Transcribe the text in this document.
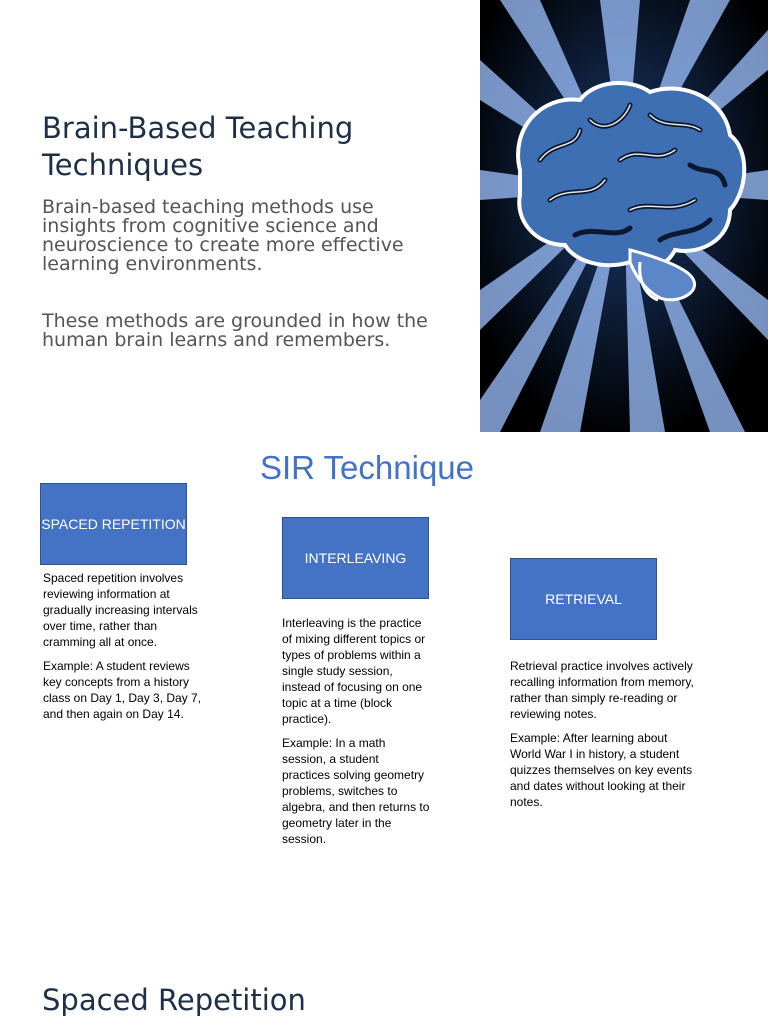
Brain-Based Teaching Techniques

Brain-based teaching methods use insights from cognitive science and neuroscience to create more effective learning environments.

These methods are grounded in how the human brain learns and remembers.

SIR Technique
SPACED REPETITION

Spaced repetition involves reviewing information at gradually increasing intervals over time, rather than cramming all at once.

Example: A student reviews key concepts from a history class on Day 1, Day 3, Day 7, and then again on Day 14.

INTERLEAVING

Interleaving is the practice of mixing different topics or types of problems within a single study session, instead of focusing on one topic at a time (block practice).

Example: In a math session, a student practices solving geometry problems, switches to algebra, and then returns to geometry later in the session.

RETRIEVAL

Retrieval practice involves actively recalling information from memory, rather than simply re-reading or reviewing notes.

Example: After learning about World War I in history, a student quizzes themselves on key events and dates without looking at their notes.

Spaced Repetition
